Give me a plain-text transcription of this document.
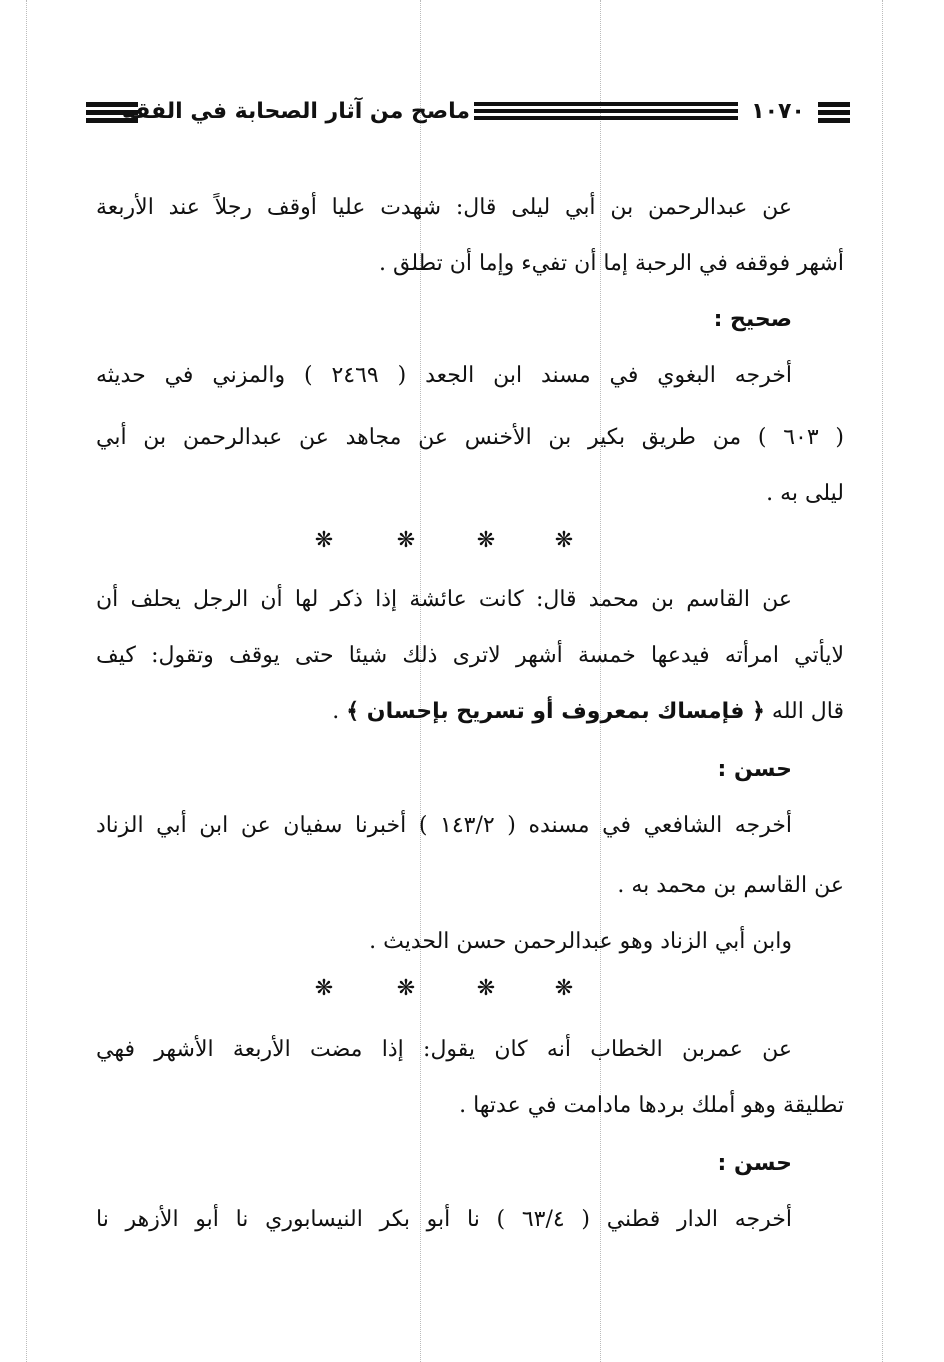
ماصح من آثار الصحابة في الفقه	١٠٧٠
عن عبدالرحمن بن أبي ليلى قال: شهدت عليا أوقف رجلاً عند الأربعة
أشهر فوقفه في الرحبة إما أن تفيء وإما أن تطلق .
صحيح :
أخرجه البغوي في مسند ابن الجعد ( ٢٤٦٩ ) والمزني في حديثه
( ٦٠٣ ) من طريق بكير بن الأخنس عن مجاهد عن عبدالرحمن بن أبي
ليلى به .
❋	❋	❋	❋
عن القاسم بن محمد قال: كانت عائشة إذا ذكر لها أن الرجل يحلف أن
لايأتي امرأته فيدعها خمسة أشهر لاترى ذلك شيئا حتى يوقف وتقول: كيف
قال الله ﴿ فإمساك بمعروف أو تسريح بإحسان ﴾ .
حسن :
أخرجه الشافعي في مسنده ( ١٤٣/٢ ) أخبرنا سفيان عن ابن أبي الزناد
عن القاسم بن محمد به .
وابن أبي الزناد وهو عبدالرحمن حسن الحديث .
❋	❋	❋	❋
عن عمربن الخطاب أنه كان يقول: إذا مضت الأربعة الأشهر فهي
تطليقة وهو أملك بردها مادامت في عدتها .
حسن :
أخرجه الدار قطني ( ٦٣/٤ ) نا أبو بكر النيسابوري نا أبو الأزهر نا
